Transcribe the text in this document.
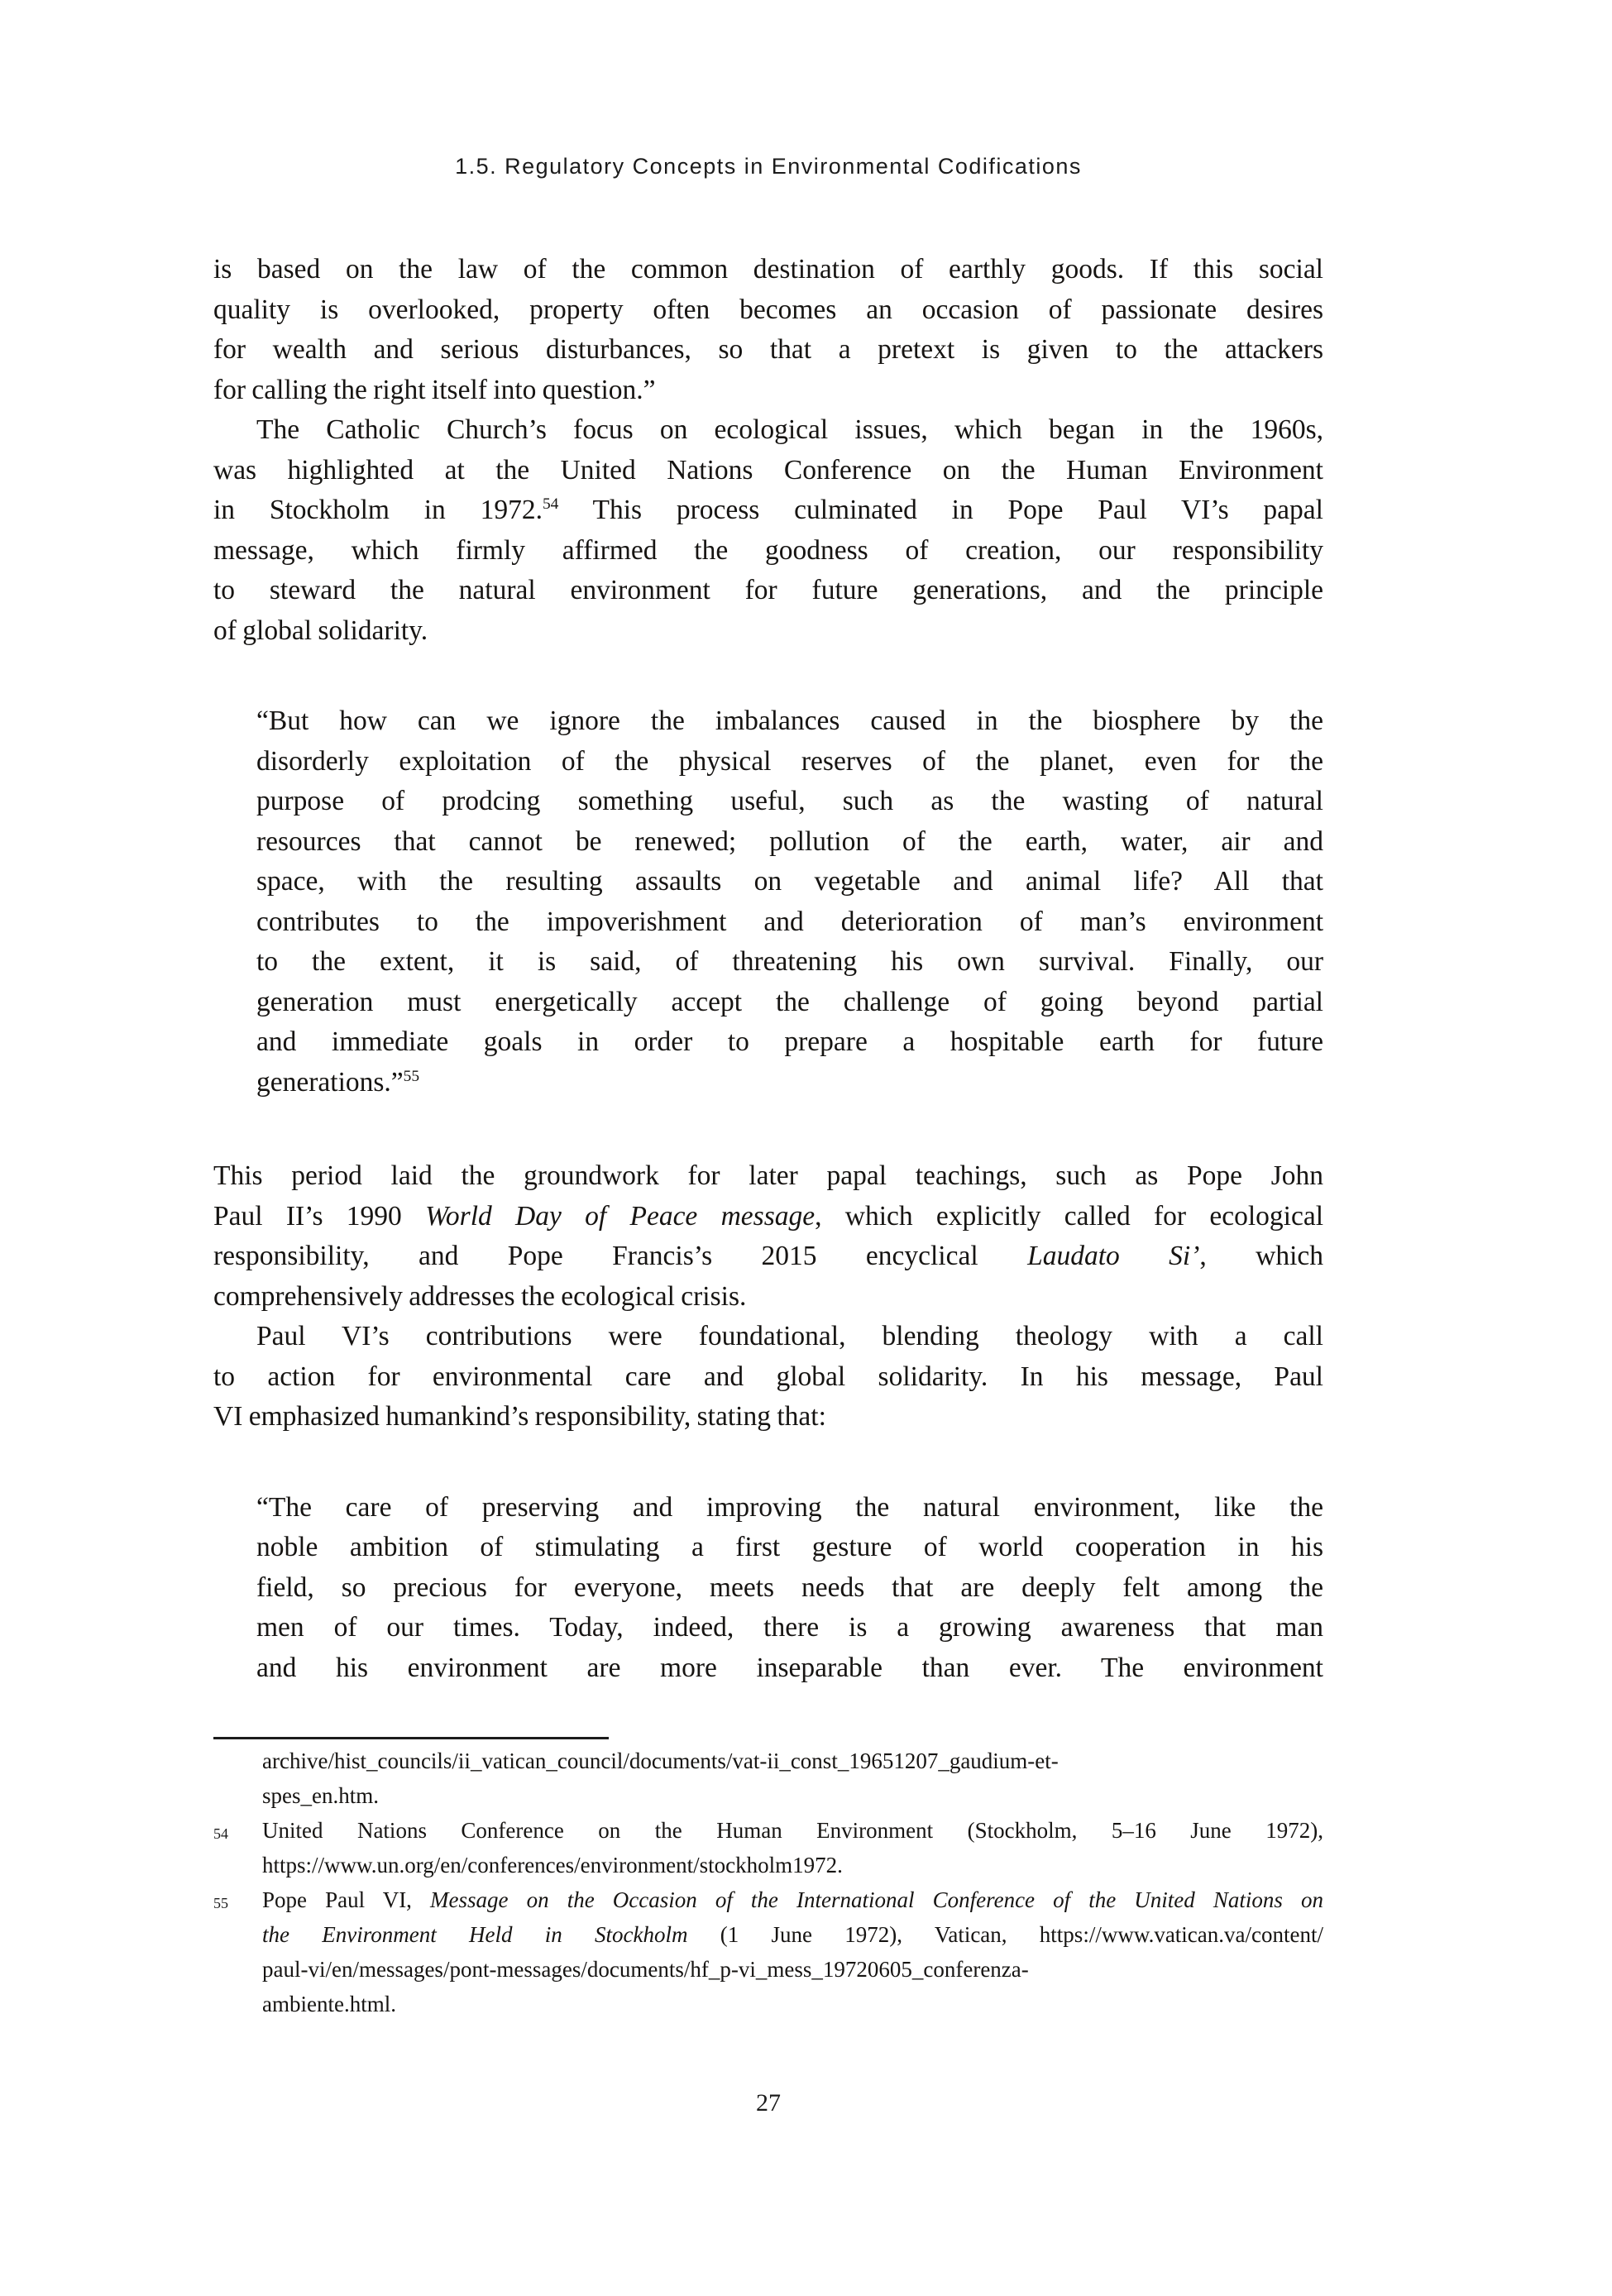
1.5. Regulatory Concepts in Environmental Codifications
is based on the law of the common destination of earthly goods. If this social
quality is overlooked, property often becomes an occasion of passionate desires
for wealth and serious disturbances, so that a pretext is given to the attackers
for calling the right itself into question.”
The Catholic Church’s focus on ecological issues, which began in the 1960s,
was highlighted at the United Nations Conference on the Human Environment
in Stockholm in 1972.54 This process culminated in Pope Paul VI’s papal
message, which firmly affirmed the goodness of creation, our responsibility
to steward the natural environment for future generations, and the principle
of global solidarity.
“But how can we ignore the imbalances caused in the biosphere by the
disorderly exploitation of the physical reserves of the planet, even for the
purpose of prodcing something useful, such as the wasting of natural
resources that cannot be renewed; pollution of the earth, water, air and
space, with the resulting assaults on vegetable and animal life? All that
contributes to the impoverishment and deterioration of man’s environment
to the extent, it is said, of threatening his own survival. Finally, our
generation must energetically accept the challenge of going beyond partial
and immediate goals in order to prepare a hospitable earth for future
generations.”$^{55}$
This period laid the groundwork for later papal teachings, such as Pope John
Paul II’s 1990 World Day of Peace message, which explicitly called for ecological
responsibility, and Pope Francis’s 2015 encyclical Laudato Si’, which
comprehensively addresses the ecological crisis.
Paul VI’s contributions were foundational, blending theology with a call
to action for environmental care and global solidarity. In his message, Paul
VI emphasized humankind’s responsibility, stating that:
“The care of preserving and improving the natural environment, like the
noble ambition of stimulating a first gesture of world cooperation in his
field, so precious for everyone, meets needs that are deeply felt among the
men of our times. Today, indeed, there is a growing awareness that man
and his environment are more inseparable than ever. The environment
archive/hist_councils/ii_vatican_council/documents/vat-ii_const_19651207_gaudium-et-
spes_en.htm.
54 United Nations Conference on the Human Environment (Stockholm, 5–16 June 1972),
https://www.un.org/en/conferences/environment/stockholm1972.
55 Pope Paul VI, Message on the Occasion of the International Conference of the United Nations on
the Environment Held in Stockholm (1 June 1972), Vatican, https://www.vatican.va/content/
paul-vi/en/messages/pont-messages/documents/hf_p-vi_mess_19720605_conferenza-
ambiente.html.
27
